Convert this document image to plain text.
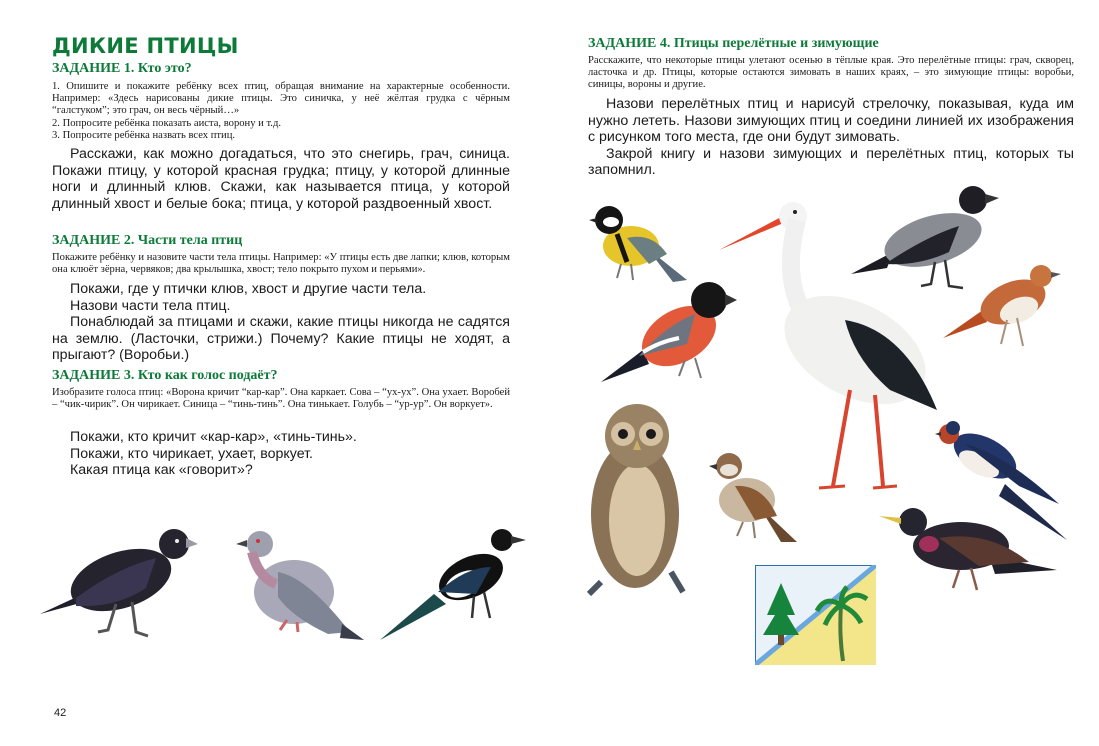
ДИКИЕ ПТИЦЫ
ЗАДАНИЕ 1. Кто это?

1. Опишите и покажите ребёнку всех птиц, обращая внимание на характерные особенности. Например: «Здесь нарисованы дикие птицы. Это синичка, у неё жёлтая грудка с чёрным “галстуком”; это грач, он весь чёрный…»

2. Попросите ребёнка показать аиста, ворону и т.д.

3. Попросите ребёнка назвать всех птиц.

Расскажи, как можно догадаться, что это снегирь, грач, синица. Покажи птицу, у которой красная грудка; птицу, у которой длинные ноги и длинный клюв. Скажи, как называется птица, у которой длинный хвост и белые бока; птица, у которой раздвоенный хвост.

ЗАДАНИЕ 2. Части тела птиц

Покажите ребёнку и назовите части тела птицы. Например: «У птицы есть две лапки; клюв, которым она клюёт зёрна, червяков; два крылышка, хвост; тело покрыто пухом и перьями».

Покажи, где у птички клюв, хвост и другие части тела.

Назови части тела птиц.

Понаблюдай за птицами и скажи, какие птицы никогда не садятся на землю. (Ласточки, стрижи.) Почему? Какие птицы не ходят, а прыгают? (Воробьи.)

ЗАДАНИЕ 3. Кто как голос подаёт?

Изобразите голоса птиц: «Ворона кричит “кар-кар”. Она каркает. Сова – “ух-ух”. Она ухает. Воробей – “чик-чирик”. Он чирикает. Синица – “тинь-тинь”. Она тинькает. Голубь – “ур-ур”. Он воркует».

Покажи, кто кричит «кар-кар», «тинь-тинь».

Покажи, кто чирикает, ухает, воркует.

Какая птица как «говорит»?

42
ЗАДАНИЕ 4. Птицы перелётные и зимующие

Расскажите, что некоторые птицы улетают осенью в тёплые края. Это перелётные птицы: грач, скворец, ласточка и др. Птицы, которые остаются зимовать в наших краях, – это зимующие птицы: воробьи, синицы, вороны и другие.

Назови перелётных птиц и нарисуй стрелочку, показывая, куда им нужно лететь. Назови зимующих птиц и соедини линией их изображения с рисунком того места, где они будут зимовать.

Закрой книгу и назови зимующих и перелётных птиц, которых ты запомнил.
